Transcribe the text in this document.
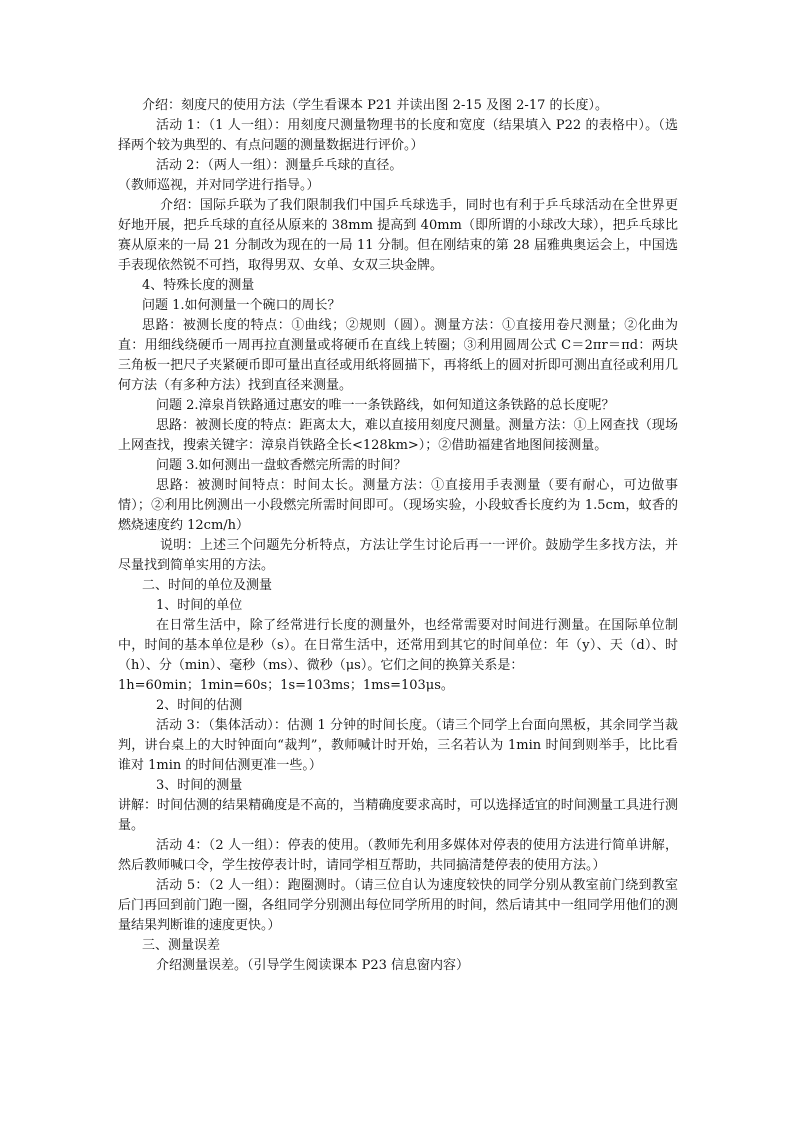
介绍：刻度尺的使用方法（学生看课本 P21 并读出图 2-15 及图 2-17 的长度）。

活动 1：（1 人一组）：用刻度尺测量物理书的长度和宽度（结果填入 P22 的表格中）。（选择两个较为典型的、有点问题的测量数据进行评价。）

活动 2：（两人一组）：测量乒乓球的直径。

（教师巡视，并对同学进行指导。）

介绍：国际乒联为了我们限制我们中国乒乓球选手，同时也有利于乒乓球活动在全世界更好地开展，把乒乓球的直径从原来的 38mm 提高到 40mm（即所谓的小球改大球），把乒乓球比赛从原来的一局 21 分制改为现在的一局 11 分制。但在刚结束的第 28 届雅典奥运会上，中国选手表现依然锐不可挡，取得男双、女单、女双三块金牌。

4、特殊长度的测量

问题 1.如何测量一个碗口的周长？

思路：被测长度的特点：①曲线；②规则（圆）。测量方法：①直接用卷尺测量；②化曲为直：用细线绕硬币一周再拉直测量或将硬币在直线上转圈；③利用圆周公式 C＝2πr＝πd：两块三角板一把尺子夹紧硬币即可量出直径或用纸将圆描下，再将纸上的圆对折即可测出直径或利用几何方法（有多种方法）找到直径来测量。

问题 2.漳泉肖铁路通过惠安的唯一一条铁路线，如何知道这条铁路的总长度呢？

思路：被测长度的特点：距离太大，难以直接用刻度尺测量。测量方法：①上网查找（现场上网查找，搜索关键字：漳泉肖铁路全长<128km>）；②借助福建省地图间接测量。

问题 3.如何测出一盘蚊香燃完所需的时间？

思路：被测时间特点：时间太长。测量方法：①直接用手表测量（要有耐心，可边做事情）；②利用比例测出一小段燃完所需时间即可。（现场实验，小段蚊香长度约为 1.5cm，蚊香的燃烧速度约 12cm/h）

说明：上述三个问题先分析特点，方法让学生讨论后再一一评价。鼓励学生多找方法，并尽量找到简单实用的方法。

二、时间的单位及测量

1、时间的单位

在日常生活中，除了经常进行长度的测量外，也经常需要对时间进行测量。在国际单位制中，时间的基本单位是秒（s）。在日常生活中，还常用到其它的时间单位：年（y）、天（d）、时（h）、分（min）、毫秒（ms）、微秒（μs）。它们之间的换算关系是：

1h=60min；1min=60s；1s=103ms；1ms=103μs。

2、时间的估测

活动 3：（集体活动）：估测 1 分钟的时间长度。（请三个同学上台面向黑板，其余同学当裁判，讲台桌上的大时钟面向“裁判”，教师喊计时开始，三名若认为 1min 时间到则举手，比比看谁对 1min 的时间估测更准一些。）

3、时间的测量

讲解：时间估测的结果精确度是不高的，当精确度要求高时，可以选择适宜的时间测量工具进行测量。

活动 4：（2 人一组）：停表的使用。（教师先利用多媒体对停表的使用方法进行简单讲解，然后教师喊口令，学生按停表计时，请同学相互帮助，共同搞清楚停表的使用方法。）

活动 5：（2 人一组）：跑圈测时。（请三位自认为速度较快的同学分别从教室前门绕到教室后门再回到前门跑一圈，各组同学分别测出每位同学所用的时间，然后请其中一组同学用他们的测量结果判断谁的速度更快。）

三、测量误差

介绍测量误差。（引导学生阅读课本 P23 信息窗内容）
